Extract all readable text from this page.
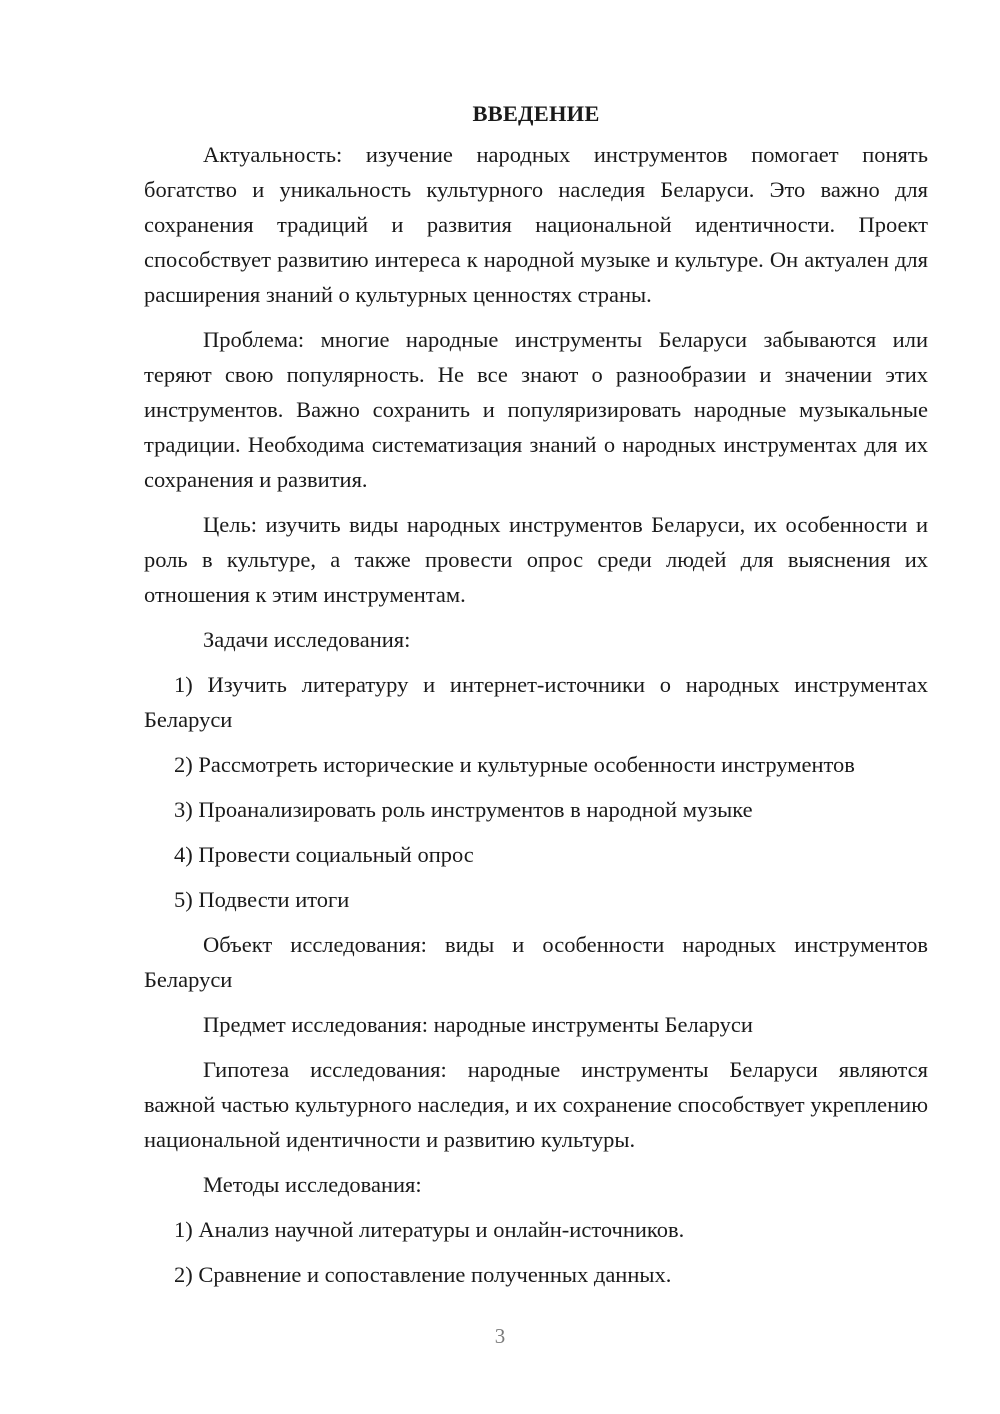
ВВЕДЕНИЕ

Актуальность: изучение народных инструментов помогает понять богатство и уникальность культурного наследия Беларуси. Это важно для сохранения традиций и развития национальной идентичности. Проект способствует развитию интереса к народной музыке и культуре. Он актуален для расширения знаний о культурных ценностях страны.

Проблема: многие народные инструменты Беларуси забываются или теряют свою популярность. Не все знают о разнообразии и значении этих инструментов. Важно сохранить и популяризировать народные музыкальные традиции. Необходима систематизация знаний о народных инструментах для их сохранения и развития.

Цель: изучить виды народных инструментов Беларуси, их особенности и роль в культуре, а также провести опрос среди людей для выяснения их отношения к этим инструментам.

Задачи исследования:

1) Изучить литературу и интернет-источники о народных инструментах Беларуси

2) Рассмотреть исторические и культурные особенности инструментов

3) Проанализировать роль инструментов в народной музыке

4) Провести социальный опрос

5) Подвести итоги

Объект исследования: виды и особенности народных инструментов Беларуси

Предмет исследования: народные инструменты Беларуси

Гипотеза исследования: народные инструменты Беларуси являются важной частью культурного наследия, и их сохранение способствует укреплению национальной идентичности и развитию культуры.

Методы исследования:

1) Анализ научной литературы и онлайн-источников.

2) Сравнение и сопоставление полученных данных.

3
